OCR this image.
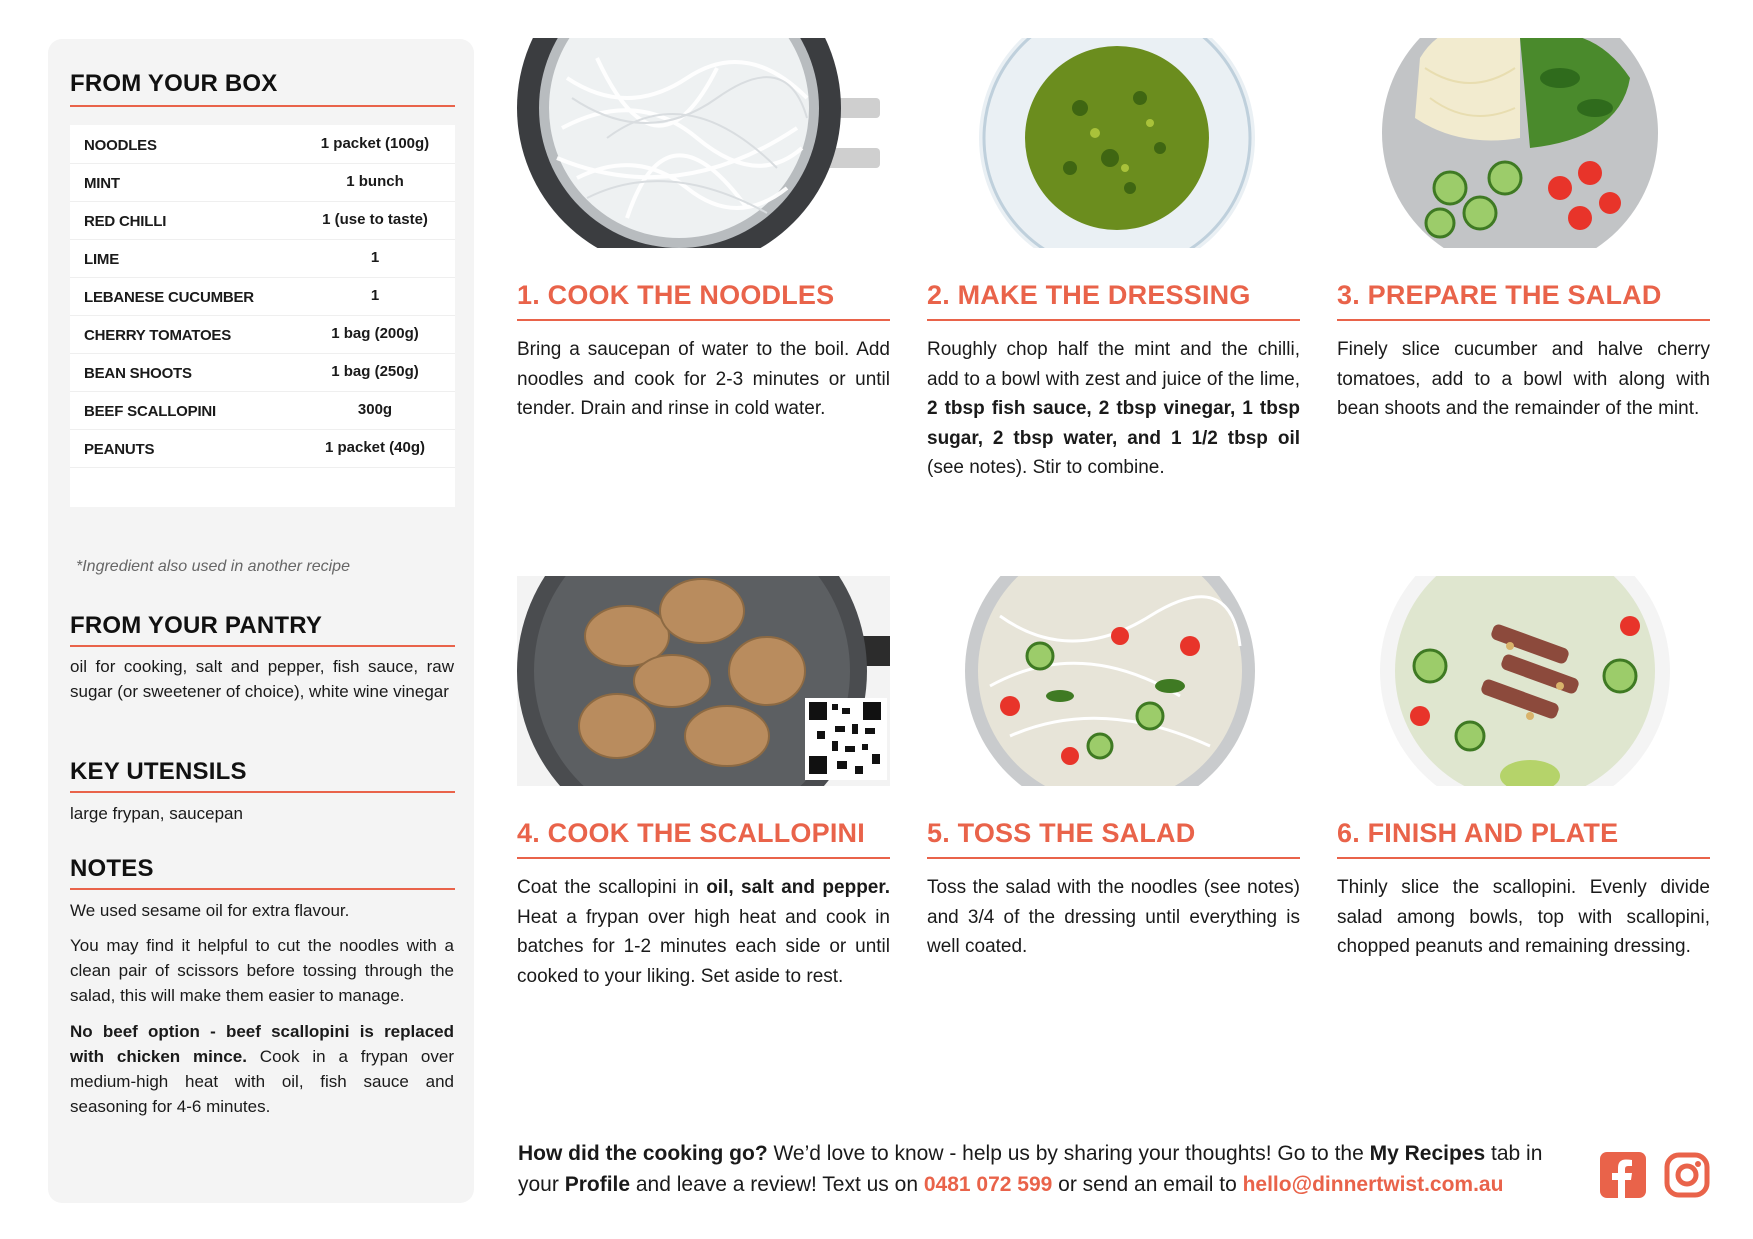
FROM YOUR BOX
NOODLES	1 packet (100g)
MINT	1 bunch
RED CHILLI	1 (use to taste)
LIME	1
LEBANESE CUCUMBER	1
CHERRY TOMATOES	1 bag (200g)
BEAN SHOOTS	1 bag (250g)
BEEF SCALLOPINI	300g
PEANUTS	1 packet (40g)
*Ingredient also used in another recipe
FROM YOUR PANTRY

oil for cooking, salt and pepper, fish sauce, raw sugar (or sweetener of choice), white wine vinegar

KEY UTENSILS

large frypan, saucepan

NOTES

We used sesame oil for extra flavour.

You may find it helpful to cut the noodles with a clean pair of scissors before tossing through the salad, this will make them easier to manage.

No beef option - beef scallopini is replaced with chicken mince. Cook in a frypan over medium-high heat with oil, fish sauce and seasoning for 4-6 minutes.

1. COOK THE NOODLES

Bring a saucepan of water to the boil. Add noodles and cook for 2-3 minutes or until tender. Drain and rinse in cold water.

2. MAKE THE DRESSING

Roughly chop half the mint and the chilli, add to a bowl with zest and juice of the lime, 2 tbsp fish sauce, 2 tbsp vinegar, 1 tbsp sugar, 2 tbsp water, and 1 1/2 tbsp oil (see notes). Stir to combine.

3. PREPARE THE SALAD

Finely slice cucumber and halve cherry tomatoes, add to a bowl with along with bean shoots and the remainder of the mint.

4. COOK THE SCALLOPINI

Coat the scallopini in oil, salt and pepper. Heat a frypan over high heat and cook in batches for 1-2 minutes each side or until cooked to your liking. Set aside to rest.

5. TOSS THE SALAD

Toss the salad with the noodles (see notes) and 3/4 of the dressing until everything is well coated.

6. FINISH AND PLATE

Thinly slice the scallopini. Evenly divide salad among bowls, top with scallopini, chopped peanuts and remaining dressing.

How did the cooking go? We’d love to know - help us by sharing your thoughts! Go to the My Recipes tab in your Profile and leave a review! Text us on 0481 072 599 or send an email to hello@dinnertwist.com.au
